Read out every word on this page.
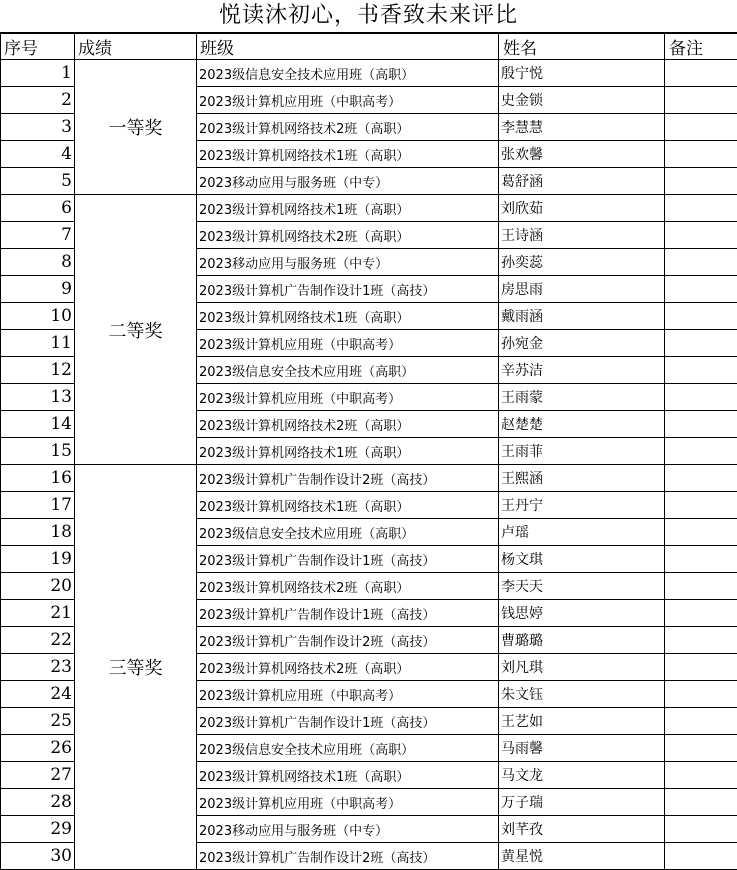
悦读沐初心，书香致未来评比
序号	成绩	班级	姓名	备注
1	一等奖	2023级信息安全技术应用班（高职）	殷宁悦	
2		2023级计算机应用班（中职高考）	史金锁	
3		2023级计算机网络技术2班（高职）	李慧慧	
4		2023级计算机网络技术1班（高职）	张欢馨	
5		2023移动应用与服务班（中专）	葛舒涵	
6	二等奖	2023级计算机网络技术1班（高职）	刘欣茹	
7		2023级计算机网络技术2班（高职）	王诗涵	
8		2023移动应用与服务班（中专）	孙奕蕊	
9		2023级计算机广告制作设计1班（高技）	房思雨	
10		2023级计算机网络技术1班（高职）	戴雨涵	
11		2023级计算机应用班（中职高考）	孙宛金	
12		2023级信息安全技术应用班（高职）	辛苏洁	
13		2023级计算机应用班（中职高考）	王雨蒙	
14		2023级计算机网络技术2班（高职）	赵楚楚	
15		2023级计算机网络技术1班（高职）	王雨菲	
16	三等奖	2023级计算机广告制作设计2班（高技）	王熙涵	
17		2023级计算机网络技术1班（高职）	王丹宁	
18		2023级信息安全技术应用班（高职）	卢瑶	
19		2023级计算机广告制作设计1班（高技）	杨文琪	
20		2023级计算机网络技术2班（高职）	李天天	
21		2023级计算机广告制作设计1班（高技）	钱思婷	
22		2023级计算机广告制作设计2班（高技）	曹璐璐	
23		2023级计算机网络技术2班（高职）	刘凡琪	
24		2023级计算机应用班（中职高考）	朱文钰	
25		2023级计算机广告制作设计1班（高技）	王艺如	
26		2023级信息安全技术应用班（高职）	马雨馨	
27		2023级计算机网络技术1班（高职）	马文龙	
28		2023级计算机应用班（中职高考）	万子瑞	
29		2023移动应用与服务班（中专）	刘芊孜	
30		2023级计算机广告制作设计2班（高技）	黄星悦	
